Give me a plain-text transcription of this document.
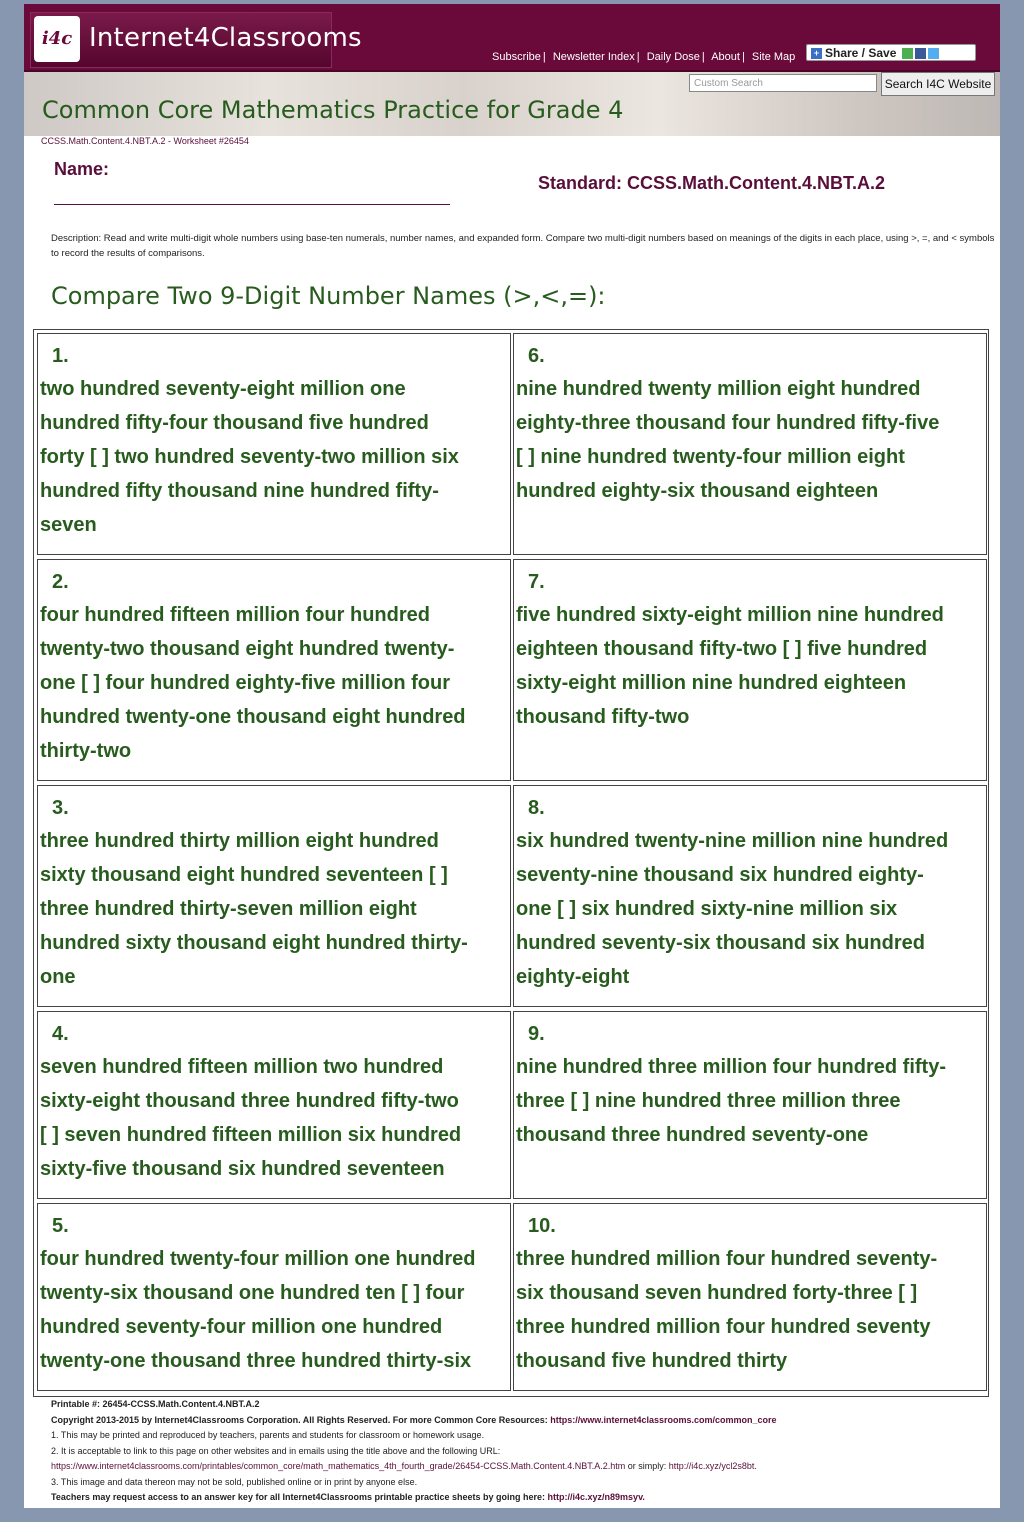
i4c Internet4Classrooms
Subscribe | Newsletter Index | Daily Dose | About | Site Map	+ Share / Save
Custom Search	Search I4C Website
Common Core Mathematics Practice for Grade 4
CCSS.Math.Content.4.NBT.A.2 - Worksheet #26454
Name:
Standard: CCSS.Math.Content.4.NBT.A.2
Description: Read and write multi-digit whole numbers using base-ten numerals, number names, and expanded form. Compare two multi-digit numbers based on meanings of the digits in each place, using >, =, and < symbols to record the results of comparisons.
Compare Two 9-Digit Number Names (>,<,=):
1.
two hundred seventy-eight million one
hundred fifty-four thousand five hundred
forty [ ] two hundred seventy-two million six
hundred fifty thousand nine hundred fifty-
seven
6.
nine hundred twenty million eight hundred
eighty-three thousand four hundred fifty-five
[ ] nine hundred twenty-four million eight
hundred eighty-six thousand eighteen
2.
four hundred fifteen million four hundred
twenty-two thousand eight hundred twenty-
one [ ] four hundred eighty-five million four
hundred twenty-one thousand eight hundred
thirty-two
7.
five hundred sixty-eight million nine hundred
eighteen thousand fifty-two [ ] five hundred
sixty-eight million nine hundred eighteen
thousand fifty-two
3.
three hundred thirty million eight hundred
sixty thousand eight hundred seventeen [ ]
three hundred thirty-seven million eight
hundred sixty thousand eight hundred thirty-
one
8.
six hundred twenty-nine million nine hundred
seventy-nine thousand six hundred eighty-
one [ ] six hundred sixty-nine million six
hundred seventy-six thousand six hundred
eighty-eight
4.
seven hundred fifteen million two hundred
sixty-eight thousand three hundred fifty-two
[ ] seven hundred fifteen million six hundred
sixty-five thousand six hundred seventeen
9.
nine hundred three million four hundred fifty-
three [ ] nine hundred three million three
thousand three hundred seventy-one
5.
four hundred twenty-four million one hundred
twenty-six thousand one hundred ten [ ] four
hundred seventy-four million one hundred
twenty-one thousand three hundred thirty-six
10.
three hundred million four hundred seventy-
six thousand seven hundred forty-three [ ]
three hundred million four hundred seventy
thousand five hundred thirty
Printable #: 26454-CCSS.Math.Content.4.NBT.A.2
Copyright 2013-2015 by Internet4Classrooms Corporation. All Rights Reserved. For more Common Core Resources: https://www.internet4classrooms.com/common_core
1. This may be printed and reproduced by teachers, parents and students for classroom or homework usage.
2. It is acceptable to link to this page on other websites and in emails using the title above and the following URL:
https://www.internet4classrooms.com/printables/common_core/math_mathematics_4th_fourth_grade/26454-CCSS.Math.Content.4.NBT.A.2.htm or simply: http://i4c.xyz/ycl2s8bt.
3. This image and data thereon may not be sold, published online or in print by anyone else.
Teachers may request access to an answer key for all Internet4Classrooms printable practice sheets by going here: http://i4c.xyz/n89msyv.
